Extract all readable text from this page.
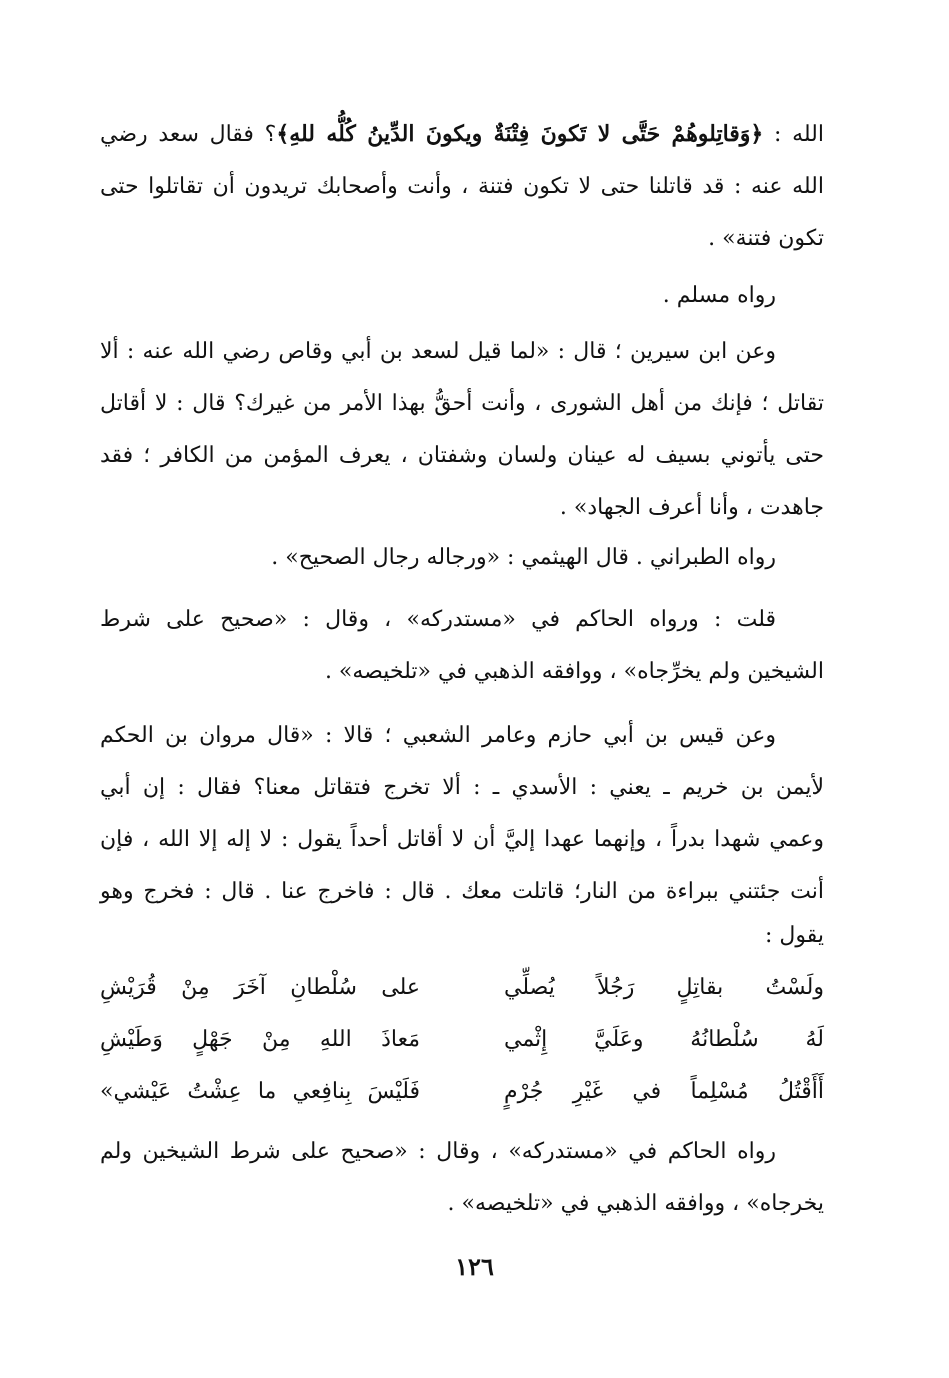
الله : ﴿وَقاتِلوهُمْ حَتَّى لا تَكونَ فِتْنَةٌ ويكونَ الدِّينُ كُلُّه للهِ﴾؟ فقال سعد رضي
الله عنه : قد قاتلنا حتى لا تكون فتنة ، وأنت وأصحابك تريدون أن تقاتلوا حتى
تكون فتنة» .
رواه مسلم .
وعن ابن سيرين ؛ قال : «لما قيل لسعد بن أبي وقاص رضي الله عنه : ألا
تقاتل ؛ فإنك من أهل الشورى ، وأنت أحقُّ بهذا الأمر من غيرك؟ قال : لا أقاتل
حتى يأتوني بسيف له عينان ولسان وشفتان ، يعرف المؤمن من الكافر ؛ فقد
جاهدت ، وأنا أعرف الجهاد» .
رواه الطبراني . قال الهيثمي : «ورجاله رجال الصحيح» .
قلت : ورواه الحاكم في «مستدركه» ، وقال : «صحيح على شرط
الشيخين ولم يخرِّجاه» ، ووافقه الذهبي في «تلخيصه» .
وعن قيس بن أبي حازم وعامر الشعبي ؛ قالا : «قال مروان بن الحكم
لأيمن بن خريم ـ يعني : الأسدي ـ : ألا تخرج فتقاتل معنا؟ فقال : إن أبي
وعمي شهدا بدراً ، وإنهما عهدا إليَّ أن لا أقاتل أحداً يقول : لا إله إلا الله ، فإن
أنت جئتني ببراءة من النار؛ قاتلت معك . قال : فاخرج عنا . قال : فخرج وهو
يقول :
ولَسْتُ بقاتِلٍ رَجُلاً يُصلِّي
على سُلْطانِ آخَرَ مِنْ قُرَيْشِ
لَهُ سُلْطانُهُ وعَلَيَّ إِثْمي
مَعاذَ اللهِ مِنْ جَهْلٍ وَطَيْشِ
أَأَقْتُلُ مُسْلِماً في غَيْرِ جُرْمٍ
فَلَيْسَ بِنافِعي ما عِشْتُ عَيْشي»
رواه الحاكم في «مستدركه» ، وقال : «صحيح على شرط الشيخين ولم
يخرجاه» ، ووافقه الذهبي في «تلخيصه» .
١٢٦
